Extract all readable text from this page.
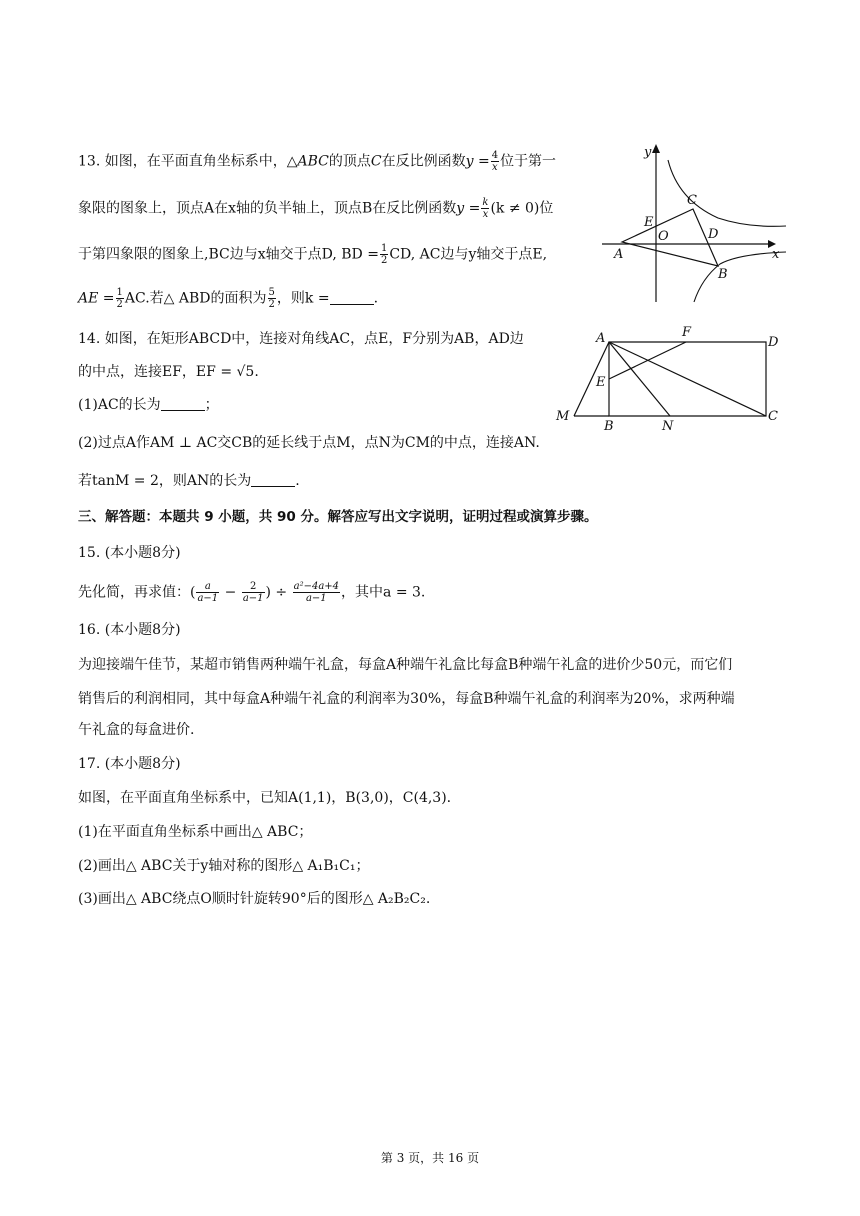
13. 如图，在平面直角坐标系中，△ABC的顶点C在反比例函数$y = \frac{4}{x}$ 位于第一
象限的图象上，顶点A在x轴的负半轴上，顶点B在反比例函数$y = \frac{k}{x} (k \ne 0)$位
于第四象限的图象上,BC边与x轴交于点D, BD = $\frac{1}{2}$ CD, AC边与y轴交于点E,
AE = $\frac{1}{2}$ AC.若△ ABD的面积为 $\frac{5}{2}$ ，则k =	.
y
x
C
E
O	D
A
B
14. 如图，在矩形ABCD中，连接对角线AC，点E，F分别为AB，AD边
的中点，连接EF，EF = √5.
(1)AC的长为	；
(2)过点A作AM ⊥ AC交CB的延长线于点M，点N为CM的中点，连接AN.
若tanM = 2，则AN的长为	.
A	F
D
E
M
B	N
C
三、解答题：本题共 9 小题，共 90 分。解答应写出文字说明，证明过程或演算步骤。
15. (本小题8分)
先化简，再求值：( $\frac{a}{a-1} - \frac{2}{a-1}$ ) ÷ $\frac{\text{a²−4a+4}}{a-1}$ ，其中a = 3.
16. (本小题8分)
为迎接端午佳节，某超市销售两种端午礼盒，每盒A种端午礼盒比每盒B种端午礼盒的进价少50元，而它们
销售后的利润相同，其中每盒A种端午礼盒的利润率为30%，每盒B种端午礼盒的利润率为20%，求两种端
午礼盒的每盒进价.
17. (本小题8分)
如图，在平面直角坐标系中，已知A(1,1)，B(3,0)，C(4,3).
(1)在平面直角坐标系中画出△ ABC；
(2)画出△ ABC关于y轴对称的图形△ A₁B₁C₁；
(3)画出△ ABC绕点O顺时针旋转90°后的图形△ A₂B₂C₂.
第 3 页，共 16 页
